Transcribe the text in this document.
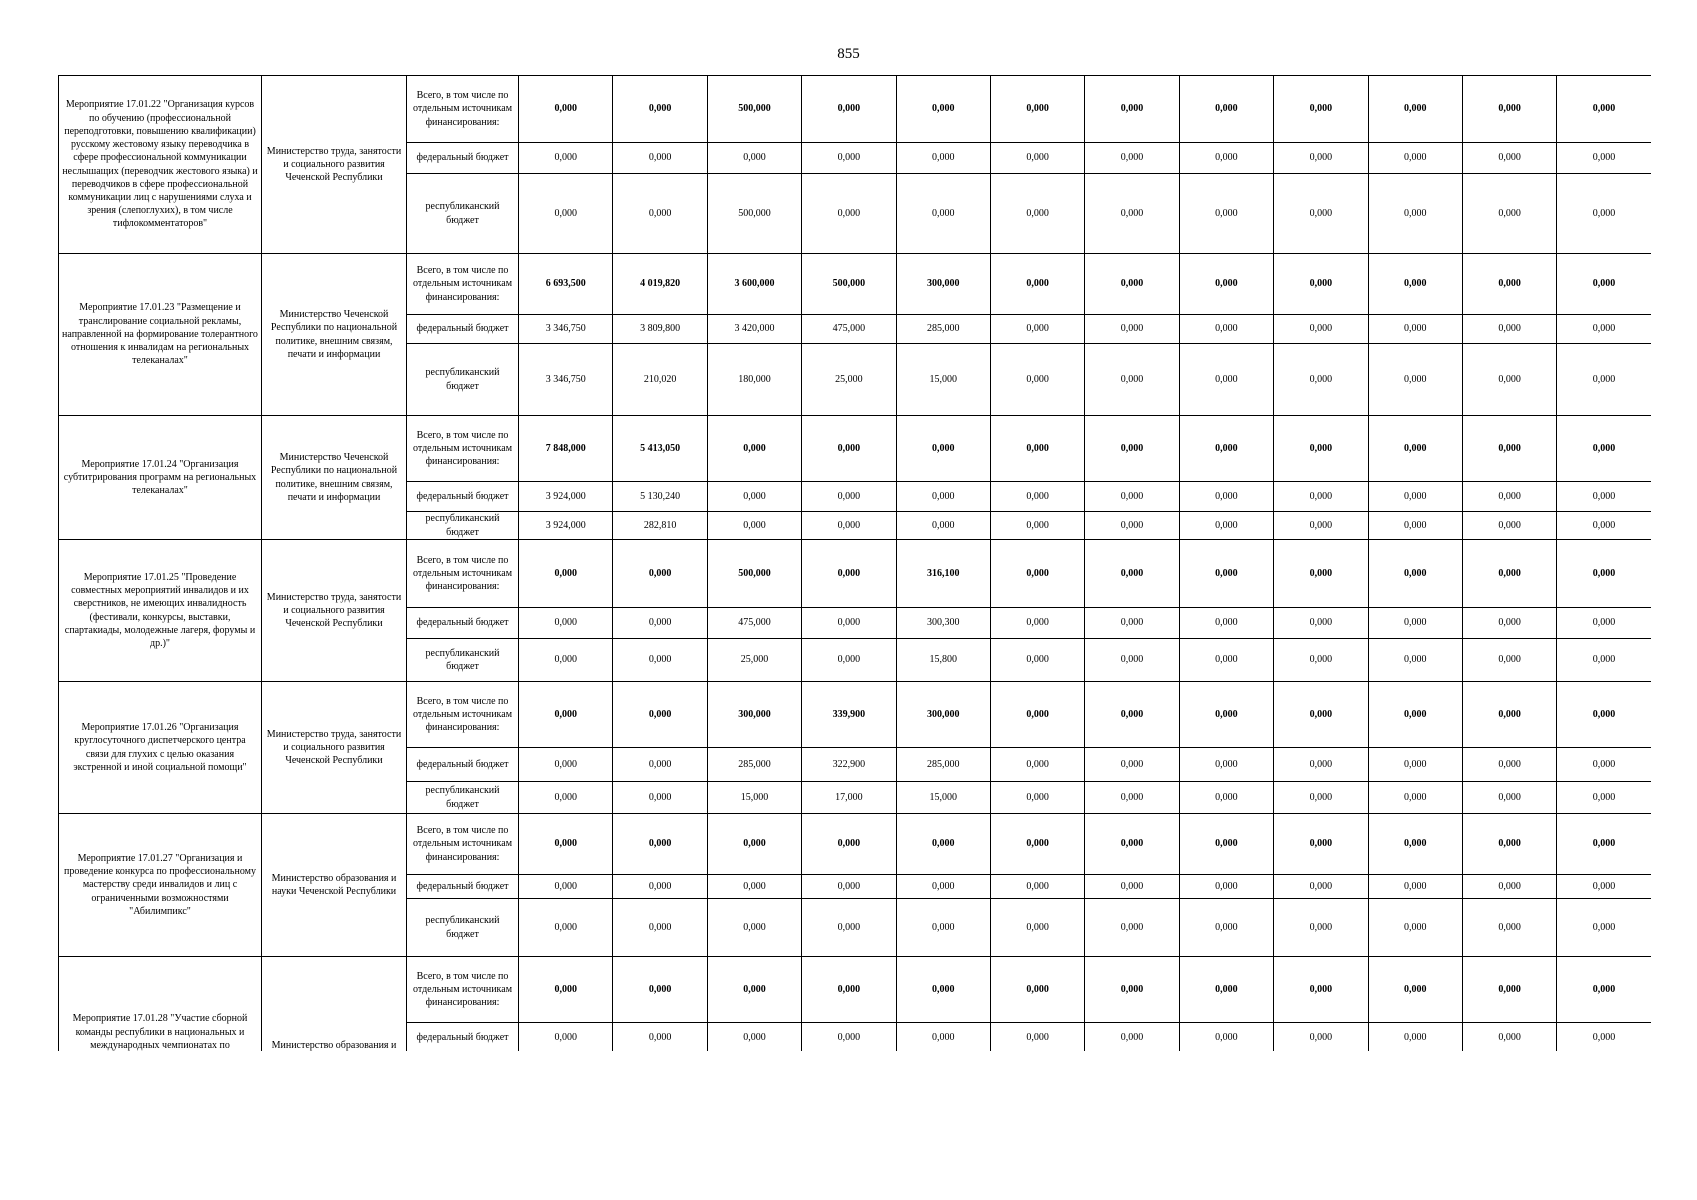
855
Мероприятие 17.01.22 "Организация курсов по обучению (профессиональной переподготовки, повышению квалификации) русскому жестовому языку переводчика в сфере профессиональной коммуникации неслышащих (переводчик жестового языка) и переводчиков в сфере профессиональной коммуникации лиц с нарушениями слуха и зрения (слепоглухих), в том числе тифлокомментаторов"	Министерство труда, занятости и социального развития Чеченской Республики	Всего, в том числе по отдельным источникам финансирования:	0,000	0,000	500,000	0,000	0,000	0,000	0,000	0,000	0,000	0,000	0,000	0,000
		федеральный бюджет	0,000	0,000	0,000	0,000	0,000	0,000	0,000	0,000	0,000	0,000	0,000	0,000
		республиканский бюджет	0,000	0,000	500,000	0,000	0,000	0,000	0,000	0,000	0,000	0,000	0,000	0,000
Мероприятие 17.01.23 "Размещение и транслирование социальной рекламы, направленной на формирование толерантного отношения к инвалидам на региональных телеканалах"	Министерство Чеченской Республики по национальной политике, внешним связям, печати и информации	Всего, в том числе по отдельным источникам финансирования:	6 693,500	4 019,820	3 600,000	500,000	300,000	0,000	0,000	0,000	0,000	0,000	0,000	0,000
		федеральный бюджет	3 346,750	3 809,800	3 420,000	475,000	285,000	0,000	0,000	0,000	0,000	0,000	0,000	0,000
		республиканский бюджет	3 346,750	210,020	180,000	25,000	15,000	0,000	0,000	0,000	0,000	0,000	0,000	0,000
Мероприятие 17.01.24 "Организация субтитрирования программ на региональных телеканалах"	Министерство Чеченской Республики по национальной политике, внешним связям, печати и информации	Всего, в том числе по отдельным источникам финансирования:	7 848,000	5 413,050	0,000	0,000	0,000	0,000	0,000	0,000	0,000	0,000	0,000	0,000
		федеральный бюджет	3 924,000	5 130,240	0,000	0,000	0,000	0,000	0,000	0,000	0,000	0,000	0,000	0,000
		республиканский бюджет	3 924,000	282,810	0,000	0,000	0,000	0,000	0,000	0,000	0,000	0,000	0,000	0,000
Мероприятие 17.01.25 "Проведение совместных мероприятий инвалидов и их сверстников, не имеющих инвалидность (фестивали, конкурсы, выставки, спартакиады, молодежные лагеря, форумы и др.)"	Министерство труда, занятости и социального развития Чеченской Республики	Всего, в том числе по отдельным источникам финансирования:	0,000	0,000	500,000	0,000	316,100	0,000	0,000	0,000	0,000	0,000	0,000	0,000
		федеральный бюджет	0,000	0,000	475,000	0,000	300,300	0,000	0,000	0,000	0,000	0,000	0,000	0,000
		республиканский бюджет	0,000	0,000	25,000	0,000	15,800	0,000	0,000	0,000	0,000	0,000	0,000	0,000
Мероприятие 17.01.26 "Организация круглосуточного диспетчерского центра связи для глухих с целью оказания экстренной и иной социальной помощи"	Министерство труда, занятости и социального развития Чеченской Республики	Всего, в том числе по отдельным источникам финансирования:	0,000	0,000	300,000	339,900	300,000	0,000	0,000	0,000	0,000	0,000	0,000	0,000
		федеральный бюджет	0,000	0,000	285,000	322,900	285,000	0,000	0,000	0,000	0,000	0,000	0,000	0,000
		республиканский бюджет	0,000	0,000	15,000	17,000	15,000	0,000	0,000	0,000	0,000	0,000	0,000	0,000
Мероприятие 17.01.27 "Организация и проведение конкурса по профессиональному мастерству среди инвалидов и лиц с ограниченными возможностями "Абилимпикс"	Министерство образования и науки Чеченской Республики	Всего, в том числе по отдельным источникам финансирования:	0,000	0,000	0,000	0,000	0,000	0,000	0,000	0,000	0,000	0,000	0,000	0,000
		федеральный бюджет	0,000	0,000	0,000	0,000	0,000	0,000	0,000	0,000	0,000	0,000	0,000	0,000
		республиканский бюджет	0,000	0,000	0,000	0,000	0,000	0,000	0,000	0,000	0,000	0,000	0,000	0,000
Мероприятие 17.01.28 "Участие сборной команды республики в национальных и международных чемпионатах по	Министерство образования и	Всего, в том числе по отдельным источникам финансирования:	0,000	0,000	0,000	0,000	0,000	0,000	0,000	0,000	0,000	0,000	0,000	0,000
		федеральный бюджет	0,000	0,000	0,000	0,000	0,000	0,000	0,000	0,000	0,000	0,000	0,000	0,000
